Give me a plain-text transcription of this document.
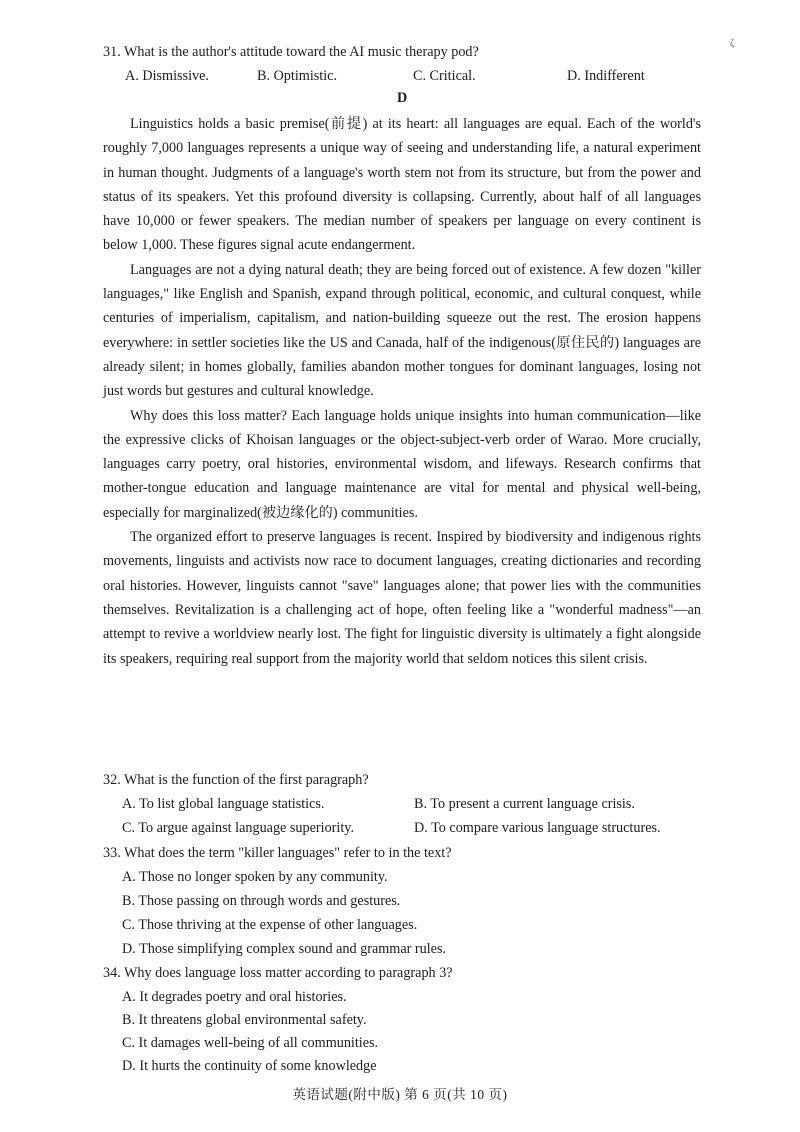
ζ
31. What is the author's attitude toward the AI music therapy pod?
A. Dismissive.	B. Optimistic.	C. Critical.	D. Indifferent
D

Linguistics holds a basic premise(前提) at its heart: all languages are equal. Each of the world's roughly 7,000 languages represents a unique way of seeing and understanding life, a natural experiment in human thought. Judgments of a language's worth stem not from its structure, but from the power and status of its speakers. Yet this profound diversity is collapsing. Currently, about half of all languages have 10,000 or fewer speakers. The median number of speakers per language on every continent is below 1,000. These figures signal acute endangerment.

Languages are not a dying natural death; they are being forced out of existence. A few dozen "killer languages," like English and Spanish, expand through political, economic, and cultural conquest, while centuries of imperialism, capitalism, and nation-building squeeze out the rest. The erosion happens everywhere: in settler societies like the US and Canada, half of the indigenous(原住民的) languages are already silent; in homes globally, families abandon mother tongues for dominant languages, losing not just words but gestures and cultural knowledge.

Why does this loss matter? Each language holds unique insights into human communication—like the expressive clicks of Khoisan languages or the object-subject-verb order of Warao. More crucially, languages carry poetry, oral histories, environmental wisdom, and lifeways. Research confirms that mother-tongue education and language maintenance are vital for mental and physical well-being, especially for marginalized(被边缘化的) communities.

The organized effort to preserve languages is recent. Inspired by biodiversity and indigenous rights movements, linguists and activists now race to document languages, creating dictionaries and recording oral histories. However, linguists cannot "save" languages alone; that power lies with the communities themselves. Revitalization is a challenging act of hope, often feeling like a "wonderful madness"—an attempt to revive a worldview nearly lost. The fight for linguistic diversity is ultimately a fight alongside its speakers, requiring real support from the majority world that seldom notices this silent crisis.

32. What is the function of the first paragraph?
A. To list global language statistics.	B. To present a current language crisis.
C. To argue against language superiority.	D. To compare various language structures.
33. What does the term "killer languages" refer to in the text?
A. Those no longer spoken by any community.
B. Those passing on through words and gestures.
C. Those thriving at the expense of other languages.
D. Those simplifying complex sound and grammar rules.
34. Why does language loss matter according to paragraph 3?
A. It degrades poetry and oral histories.
B. It threatens global environmental safety.
C. It damages well-being of all communities.
D. It hurts the continuity of some knowledge
英语试题(附中版) 第 6 页(共 10 页)
